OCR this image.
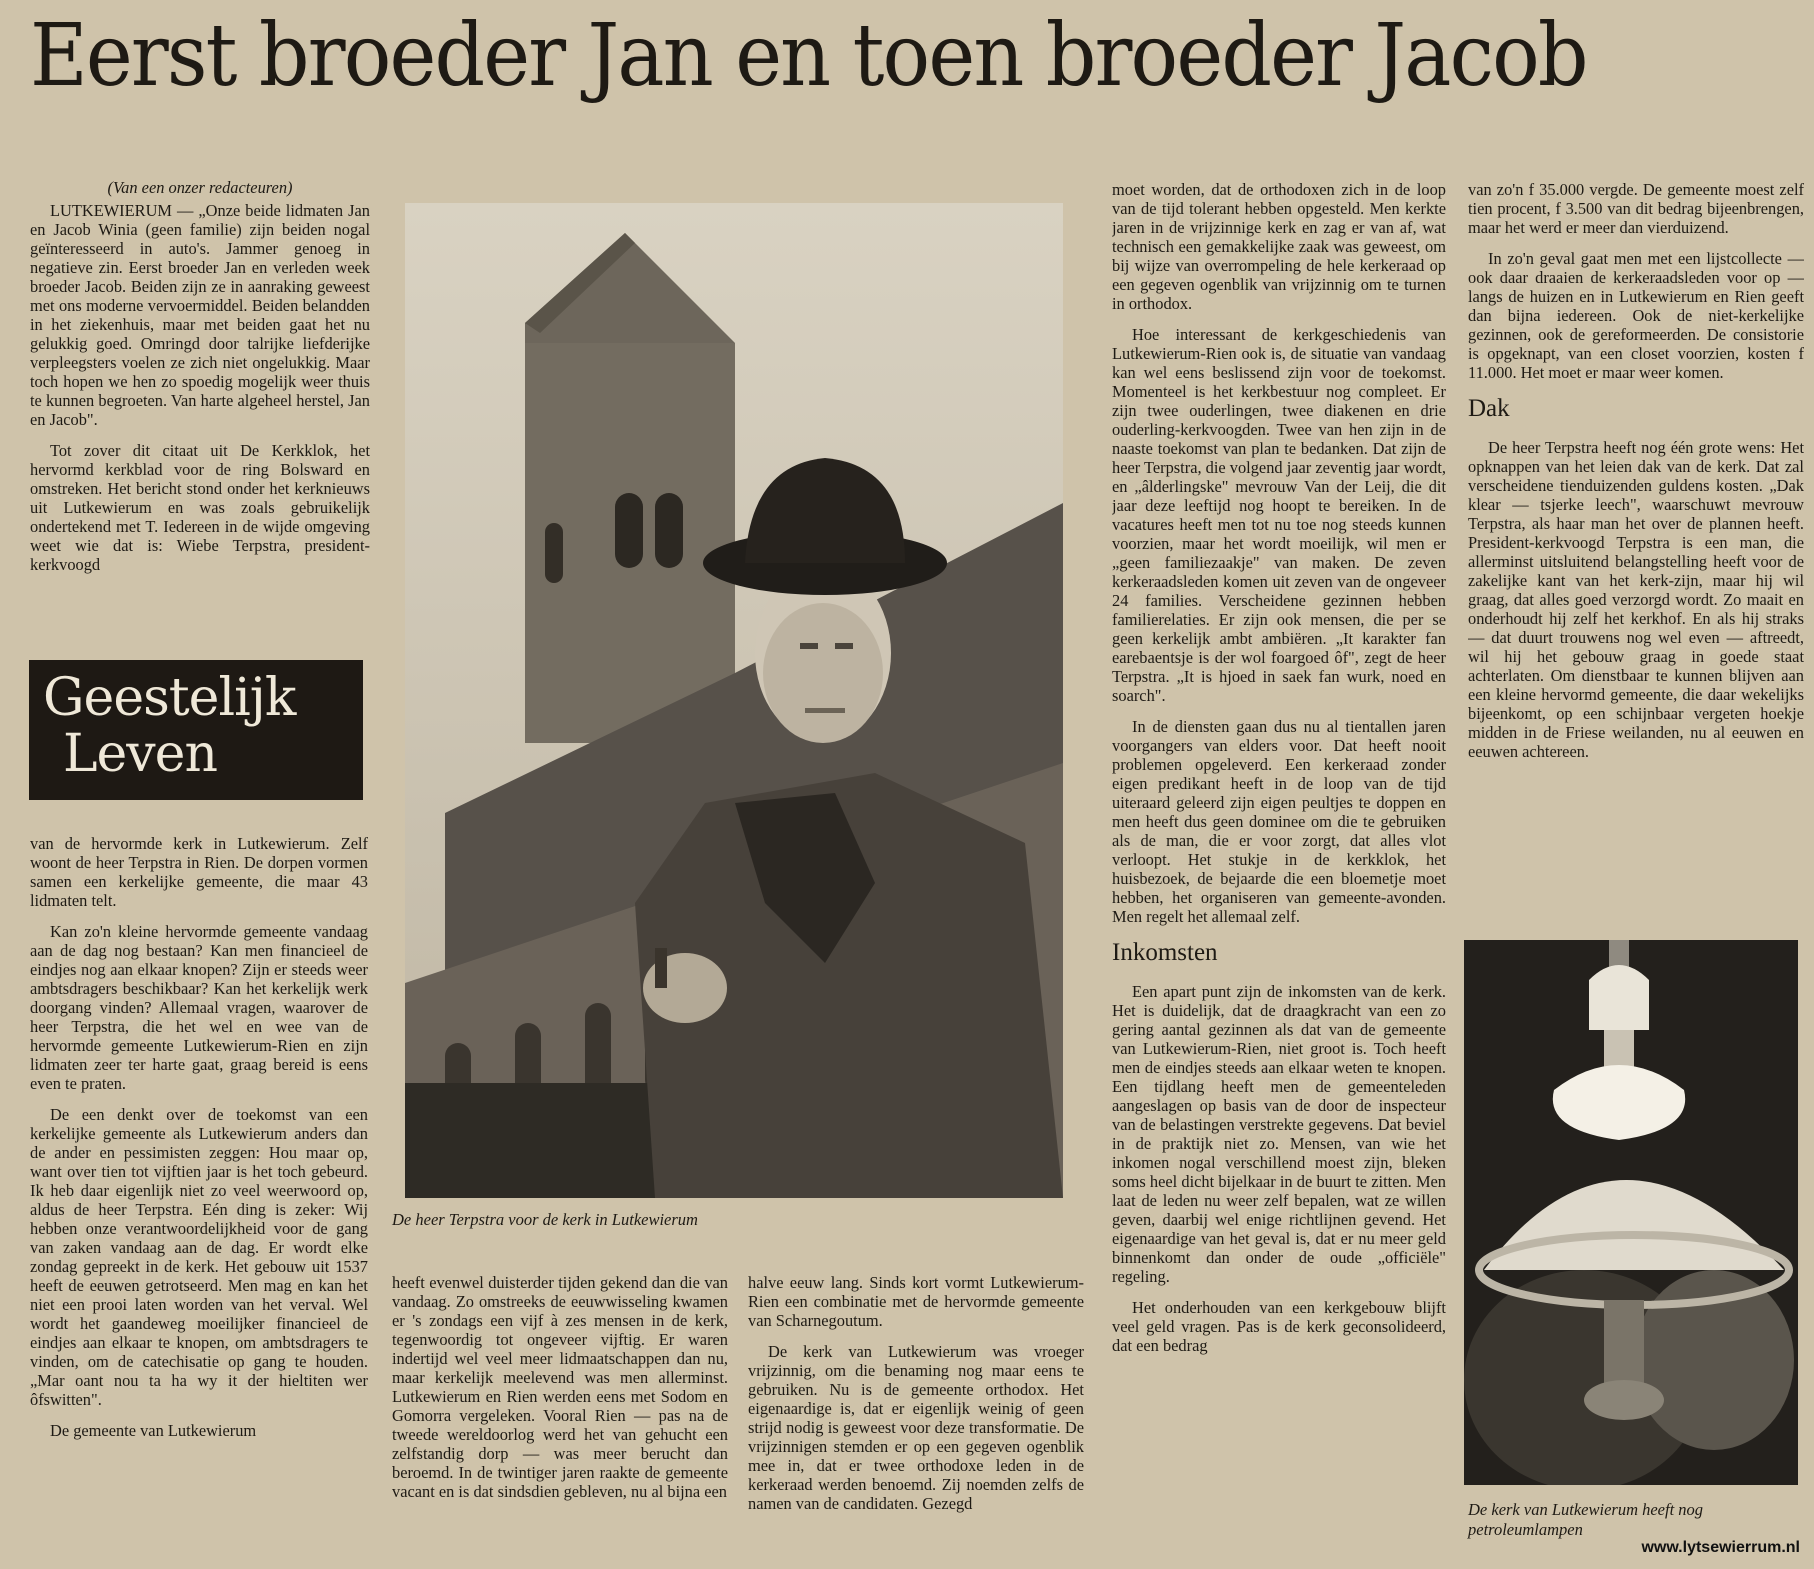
Eerst broeder Jan en toen broeder Jacob

(Van een onzer redacteuren)

LUTKEWIERUM — „Onze beide lidmaten Jan en Jacob Winia (geen familie) zijn beiden nogal geïnteresseerd in auto's. Jammer genoeg in negatieve zin. Eerst broeder Jan en verleden week broeder Jacob. Beiden zijn ze in aanraking geweest met ons moderne vervoermiddel. Beiden belandden in het ziekenhuis, maar met beiden gaat het nu gelukkig goed. Omringd door talrijke liefderijke verpleegsters voelen ze zich niet ongelukkig. Maar toch hopen we hen zo spoedig mogelijk weer thuis te kunnen begroeten. Van harte algeheel herstel, Jan en Jacob".

Tot zover dit citaat uit De Kerkklok, het hervormd kerkblad voor de ring Bolsward en omstreken. Het bericht stond onder het kerknieuws uit Lutkewierum en was zoals gebruikelijk ondertekend met T. Iedereen in de wijde omgeving weet wie dat is: Wiebe Terpstra, president-kerkvoogd

Geestelijk
Leven

van de hervormde kerk in Lutkewierum. Zelf woont de heer Terpstra in Rien. De dorpen vormen samen een kerkelijke gemeente, die maar 43 lidmaten telt.

Kan zo'n kleine hervormde gemeente vandaag aan de dag nog bestaan? Kan men financieel de eindjes nog aan elkaar knopen? Zijn er steeds weer ambtsdragers beschikbaar? Kan het kerkelijk werk doorgang vinden? Allemaal vragen, waarover de heer Terpstra, die het wel en wee van de hervormde gemeente Lutkewierum-Rien en zijn lidmaten zeer ter harte gaat, graag bereid is eens even te praten.

De een denkt over de toekomst van een kerkelijke gemeente als Lutkewierum anders dan de ander en pessimisten zeggen: Hou maar op, want over tien tot vijftien jaar is het toch gebeurd. Ik heb daar eigenlijk niet zo veel weerwoord op, aldus de heer Terpstra. Eén ding is zeker: Wij hebben onze verantwoordelijkheid voor de gang van zaken vandaag aan de dag. Er wordt elke zondag gepreekt in de kerk. Het gebouw uit 1537 heeft de eeuwen getrotseerd. Men mag en kan het niet een prooi laten worden van het verval. Wel wordt het gaandeweg moeilijker financieel de eindjes aan elkaar te knopen, om ambtsdragers te vinden, om de catechisatie op gang te houden. „Mar oant nou ta ha wy it der hieltiten wer ôfswitten".

De gemeente van Lutkewierum

De heer Terpstra voor de kerk in Lutkewierum

heeft evenwel duisterder tijden gekend dan die van vandaag. Zo omstreeks de eeuwwisseling kwamen er 's zondags een vijf à zes mensen in de kerk, tegenwoordig tot ongeveer vijftig. Er waren indertijd wel veel meer lidmaatschappen dan nu, maar kerkelijk meelevend was men allerminst. Lutkewierum en Rien werden eens met Sodom en Gomorra vergeleken. Vooral Rien — pas na de tweede wereldoorlog werd het van gehucht een zelfstandig dorp — was meer berucht dan beroemd. In de twintiger jaren raakte de gemeente vacant en is dat sindsdien gebleven, nu al bijna een

halve eeuw lang. Sinds kort vormt Lutkewierum-Rien een combinatie met de hervormde gemeente van Scharnegoutum.

De kerk van Lutkewierum was vroeger vrijzinnig, om die benaming nog maar eens te gebruiken. Nu is de gemeente orthodox. Het eigenaardige is, dat er eigenlijk weinig of geen strijd nodig is geweest voor deze transformatie. De vrijzinnigen stemden er op een gegeven ogenblik mee in, dat er twee orthodoxe leden in de kerkeraad werden benoemd. Zij noemden zelfs de namen van de candidaten. Gezegd

moet worden, dat de orthodoxen zich in de loop van de tijd tolerant hebben opgesteld. Men kerkte jaren in de vrijzinnige kerk en zag er van af, wat technisch een gemakkelijke zaak was geweest, om bij wijze van overrompeling de hele kerkeraad op een gegeven ogenblik van vrijzinnig om te turnen in orthodox.

Hoe interessant de kerkgeschiedenis van Lutkewierum-Rien ook is, de situatie van vandaag kan wel eens beslissend zijn voor de toekomst. Momenteel is het kerkbestuur nog compleet. Er zijn twee ouderlingen, twee diakenen en drie ouderling-kerkvoogden. Twee van hen zijn in de naaste toekomst van plan te bedanken. Dat zijn de heer Terpstra, die volgend jaar zeventig jaar wordt, en „âlderlingske" mevrouw Van der Leij, die dit jaar deze leeftijd nog hoopt te bereiken. In de vacatures heeft men tot nu toe nog steeds kunnen voorzien, maar het wordt moeilijk, wil men er „geen familiezaakje" van maken. De zeven kerkeraadsleden komen uit zeven van de ongeveer 24 families. Verscheidene gezinnen hebben familierelaties. Er zijn ook mensen, die per se geen kerkelijk ambt ambiëren. „It karakter fan earebaentsje is der wol foargoed ôf", zegt de heer Terpstra. „It is hjoed in saek fan wurk, noed en soarch".

In de diensten gaan dus nu al tientallen jaren voorgangers van elders voor. Dat heeft nooit problemen opgeleverd. Een kerkeraad zonder eigen predikant heeft in de loop van de tijd uiteraard geleerd zijn eigen peultjes te doppen en men heeft dus geen dominee om die te gebruiken als de man, die er voor zorgt, dat alles vlot verloopt. Het stukje in de kerkklok, het huisbezoek, de bejaarde die een bloemetje moet hebben, het organiseren van gemeente-avonden. Men regelt het allemaal zelf.

Inkomsten

Een apart punt zijn de inkomsten van de kerk. Het is duidelijk, dat de draagkracht van een zo gering aantal gezinnen als dat van de gemeente van Lutkewierum-Rien, niet groot is. Toch heeft men de eindjes steeds aan elkaar weten te knopen. Een tijdlang heeft men de gemeenteleden aangeslagen op basis van de door de inspecteur van de belastingen verstrekte gegevens. Dat beviel in de praktijk niet zo. Mensen, van wie het inkomen nogal verschillend moest zijn, bleken soms heel dicht bijelkaar in de buurt te zitten. Men laat de leden nu weer zelf bepalen, wat ze willen geven, daarbij wel enige richtlijnen gevend. Het eigenaardige van het geval is, dat er nu meer geld binnenkomt dan onder de oude „officiële" regeling.

Het onderhouden van een kerkgebouw blijft veel geld vragen. Pas is de kerk geconsolideerd, dat een bedrag

van zo'n f 35.000 vergde. De gemeente moest zelf tien procent, f 3.500 van dit bedrag bijeenbrengen, maar het werd er meer dan vierduizend.

In zo'n geval gaat men met een lijstcollecte — ook daar draaien de kerkeraadsleden voor op — langs de huizen en in Lutkewierum en Rien geeft dan bijna iedereen. Ook de niet-kerkelijke gezinnen, ook de gereformeerden. De consistorie is opgeknapt, van een closet voorzien, kosten f 11.000. Het moet er maar weer komen.

Dak

De heer Terpstra heeft nog één grote wens: Het opknappen van het leien dak van de kerk. Dat zal verscheidene tienduizenden guldens kosten. „Dak klear — tsjerke leech", waarschuwt mevrouw Terpstra, als haar man het over de plannen heeft. President-kerkvoogd Terpstra is een man, die allerminst uitsluitend belangstelling heeft voor de zakelijke kant van het kerk-zijn, maar hij wil graag, dat alles goed verzorgd wordt. Zo maait en onderhoudt hij zelf het kerkhof. En als hij straks — dat duurt trouwens nog wel even — aftreedt, wil hij het gebouw graag in goede staat achterlaten. Om dienstbaar te kunnen blijven aan een kleine hervormd gemeente, die daar wekelijks bijeenkomt, op een schijnbaar vergeten hoekje midden in de Friese weilanden, nu al eeuwen en eeuwen achtereen.

De kerk van Lutkewierum heeft nog petroleumlampen
www.lytsewierrum.nl
